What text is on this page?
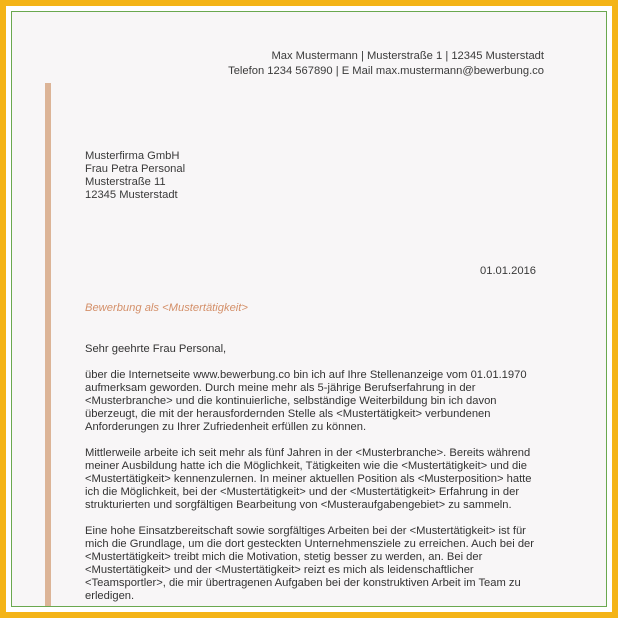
Max Mustermann | Musterstraße 1 | 12345 Musterstadt
Telefon 1234 567890 | E Mail max.mustermann@bewerbung.co
Musterfirma GmbH
Frau Petra Personal
Musterstraße 11
12345 Musterstadt
01.01.2016
Bewerbung als <Mustertätigkeit>
Sehr geehrte Frau Personal,

über die Internetseite www.bewerbung.co bin ich auf Ihre Stellenanzeige vom 01.01.1970
aufmerksam geworden. Durch meine mehr als 5-jährige Berufserfahrung in der
<Musterbranche> und die kontinuierliche, selbständige Weiterbildung bin ich davon
überzeugt, die mit der herausfordernden Stelle als <Mustertätigkeit> verbundenen
Anforderungen zu Ihrer Zufriedenheit erfüllen zu können.

Mittlerweile arbeite ich seit mehr als fünf Jahren in der <Musterbranche>. Bereits während
meiner Ausbildung hatte ich die Möglichkeit, Tätigkeiten wie die <Mustertätigkeit> und die
<Mustertätigkeit> kennenzulernen. In meiner aktuellen Position als <Musterposition> hatte
ich die Möglichkeit, bei der <Mustertätigkeit> und der <Mustertätigkeit> Erfahrung in der
strukturierten und sorgfältigen Bearbeitung von <Musteraufgabengebiet> zu sammeln.

Eine hohe Einsatzbereitschaft sowie sorgfältiges Arbeiten bei der <Mustertätigkeit> ist für
mich die Grundlage, um die dort gesteckten Unternehmensziele zu erreichen. Auch bei der
<Mustertätigkeit> treibt mich die Motivation, stetig besser zu werden, an. Bei der
<Mustertätigkeit> und der <Mustertätigkeit> reizt es mich als leidenschaftlicher
<Teamsportler>, die mir übertragenen Aufgaben bei der konstruktiven Arbeit im Team zu
erledigen.
